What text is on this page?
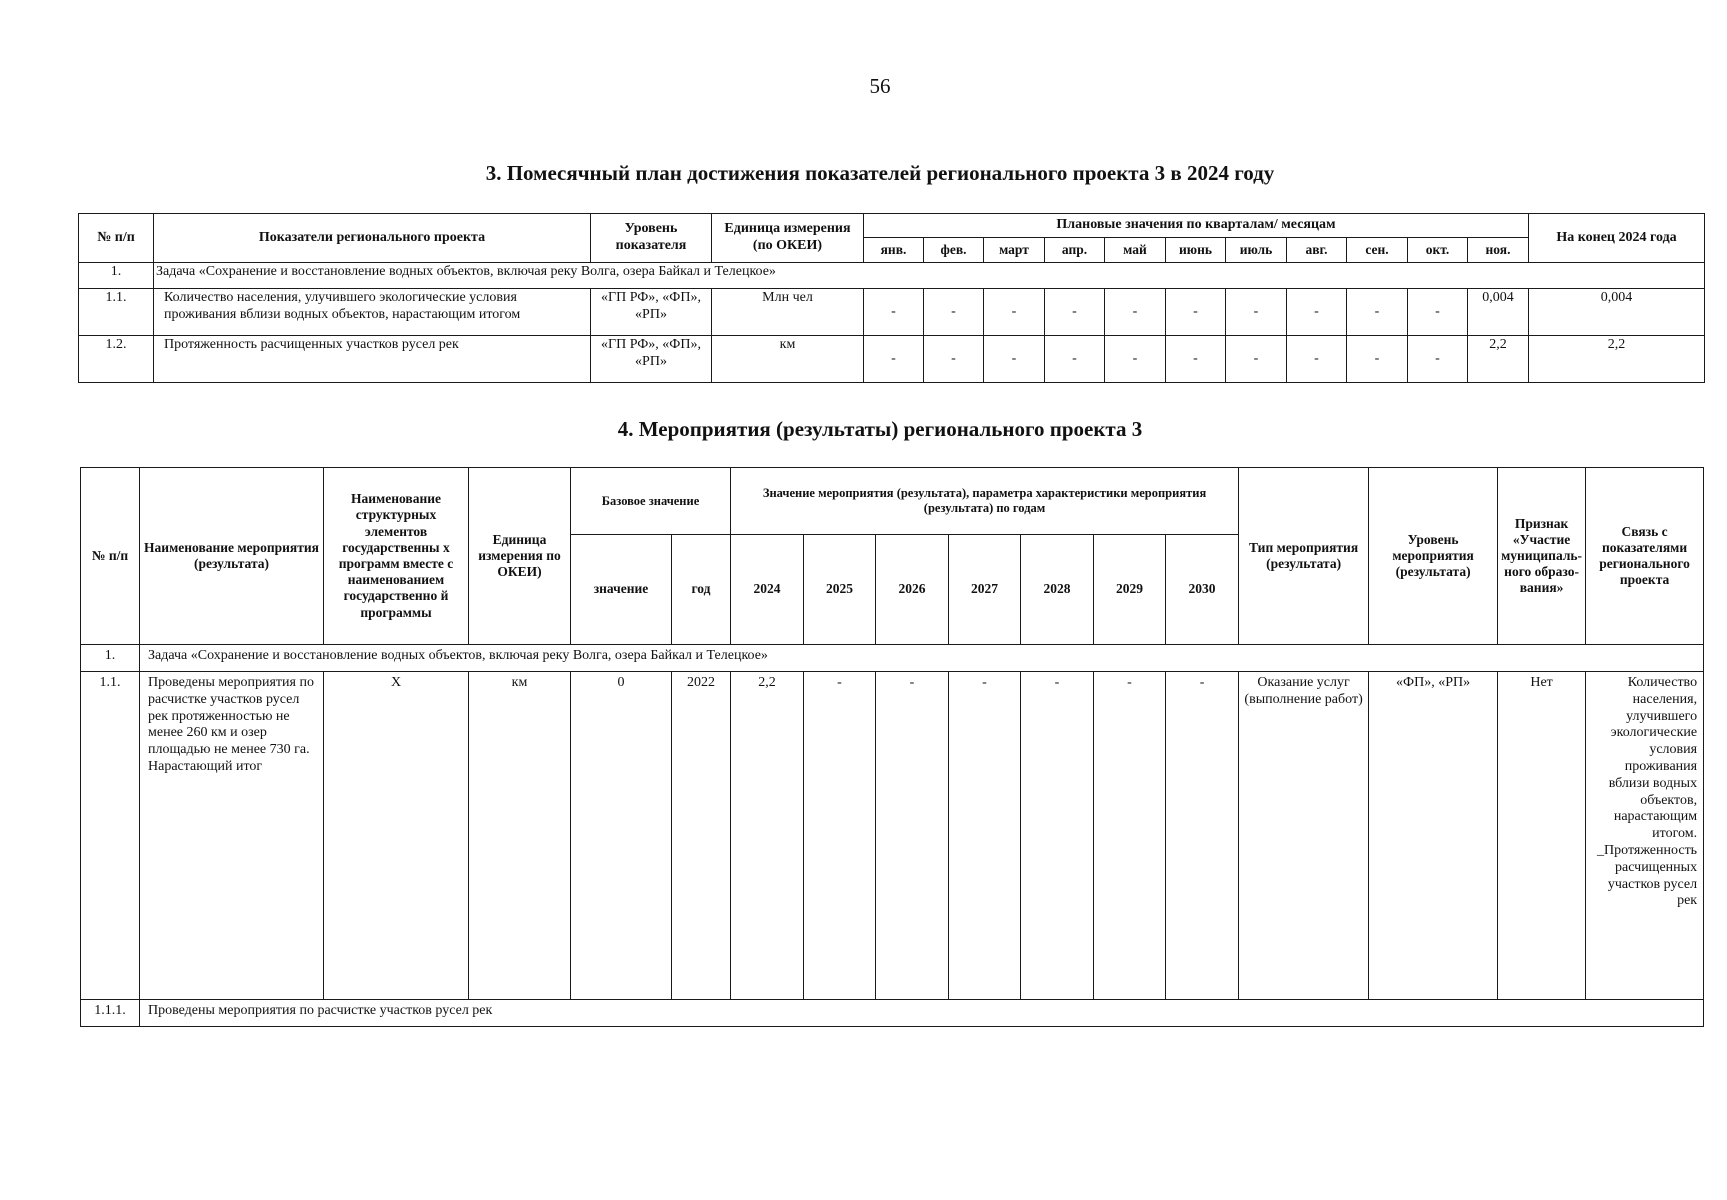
56
3. Помесячный план достижения показателей регионального проекта 3 в 2024 году
№ п/п	Показатели регионального проекта	Уровень показателя	Единица измерения (по ОКЕИ)	Плановые значения по кварталам/ месяцам											На конец 2024 года
				янв.	фев.	март	апр.	май	июнь	июль	авг.	сен.	окт.	ноя.	
1.	Задача «Сохранение и восстановление водных объектов, включая реку Волга, озера Байкал и Телецкое»														
1.1.	Количество населения, улучившего экологические условия проживания вблизи водных объектов, нарастающим итогом	«ГП РФ», «ФП», «РП»	Млн чел	-	-	-	-	-	-	-	-	-	-	0,004	0,004
1.2.	Протяженность расчищенных участков русел рек	«ГП РФ», «ФП», «РП»	км	-	-	-	-	-	-	-	-	-	-	2,2	2,2
4. Мероприятия (результаты) регионального проекта 3
№ п/п	Наименование мероприятия (результата)	Наименование структурных элементов государственны х программ вместе с наименованием государственно й программы	Единица измерения по ОКЕИ)	Базовое значение		Значение мероприятия (результата), параметра характеристики мероприятия (результата) по годам							Тип мероприятия (результата)	Уровень мероприятия (результата)	Признак «Участие муниципального образования»	Связь с показателями регионального проекта
				значение	год	2024	2025	2026	2027	2028	2029	2030				
1.	Задача «Сохранение и восстановление водных объектов, включая реку Волга, озера Байкал и Телецкое»															
1.1.	Проведены мероприятия по расчистке участков русел рек протяженностью не менее 260 км и озер площадью не менее 730 га. Нарастающий итог	Х	км	0	2022	2,2	-	-	-	-	-	-	Оказание услуг (выполнение работ)	«ФП», «РП»	Нет	Количество населения, улучившего экологические условия проживания вблизи водных объектов, нарастающим итогом. _Протяженность расчищенных участков русел рек
1.1.1.	Проведены мероприятия по расчистке участков русел рек															
